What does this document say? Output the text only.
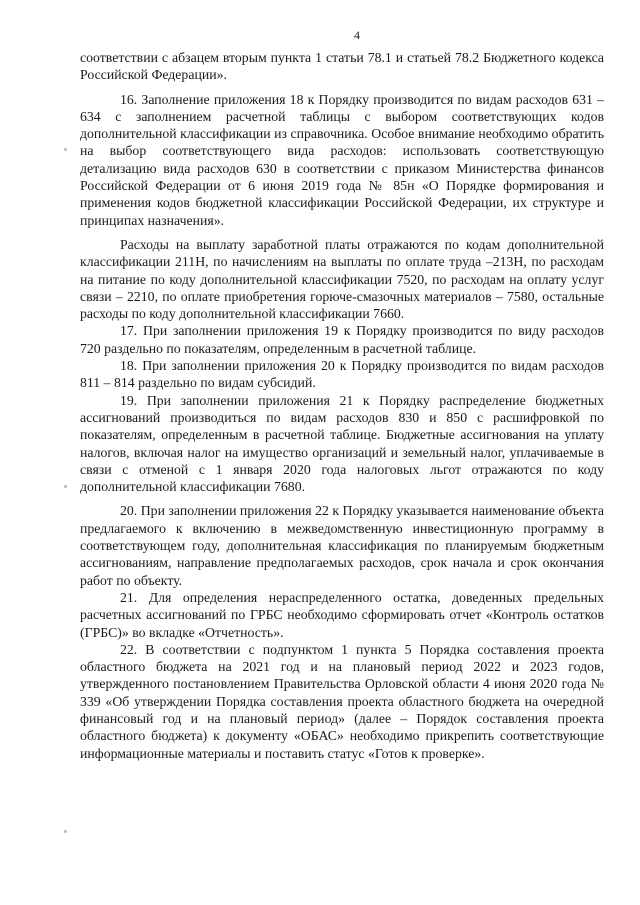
4

соответствии с абзацем вторым пункта 1 статьи 78.1 и статьей 78.2 Бюджетного кодекса Российской Федерации».

16. Заполнение приложения 18 к Порядку производится по видам расходов 631 – 634 с заполнением расчетной таблицы с выбором соответствующих кодов дополнительной классификации из справочника. Особое внимание необходимо обратить на выбор соответствующего вида расходов: использовать соответствующую детализацию вида расходов 630 в соответствии с приказом Министерства финансов Российской Федерации от 6 июня 2019 года № 85н «О Порядке формирования и применения кодов бюджетной классификации Российской Федерации, их структуре и принципах назначения».

Расходы на выплату заработной платы отражаются по кодам дополнительной классификации 211Н, по начислениям на выплаты по оплате труда –213Н, по расходам на питание по коду дополнительной классификации 7520, по расходам на оплату услуг связи – 2210, по оплате приобретения горюче-смазочных материалов – 7580, остальные расходы по коду дополнительной классификации 7660.

17. При заполнении приложения 19 к Порядку производится по виду расходов 720 раздельно по показателям, определенным в расчетной таблице.

18. При заполнении приложения 20 к Порядку производится по видам расходов 811 – 814 раздельно по видам субсидий.

19. При заполнении приложения 21 к Порядку распределение бюджетных ассигнований производиться по видам расходов 830 и 850 с расшифровкой по показателям, определенным в расчетной таблице. Бюджетные ассигнования на уплату налогов, включая налог на имущество организаций и земельный налог, уплачиваемые в связи с отменой с 1 января 2020 года налоговых льгот отражаются по коду дополнительной классификации 7680.

20. При заполнении приложения 22 к Порядку указывается наименование объекта предлагаемого к включению в межведомственную инвестиционную программу в соответствующем году, дополнительная классификация по планируемым бюджетным ассигнованиям, направление предполагаемых расходов, срок начала и срок окончания работ по объекту.

21. Для определения нераспределенного остатка, доведенных предельных расчетных ассигнований по ГРБС необходимо сформировать отчет «Контроль остатков (ГРБС)» во вкладке «Отчетность».

22. В соответствии с подпунктом 1 пункта 5 Порядка составления проекта областного бюджета на 2021 год и на плановый период 2022 и 2023 годов, утвержденного постановлением Правительства Орловской области 4 июня 2020 года № 339 «Об утверждении Порядка составления проекта областного бюджета на очередной финансовый год и на плановый период» (далее – Порядок составления проекта областного бюджета) к документу «ОБАС» необходимо прикрепить соответствующие информационные материалы и поставить статус «Готов к проверке».
